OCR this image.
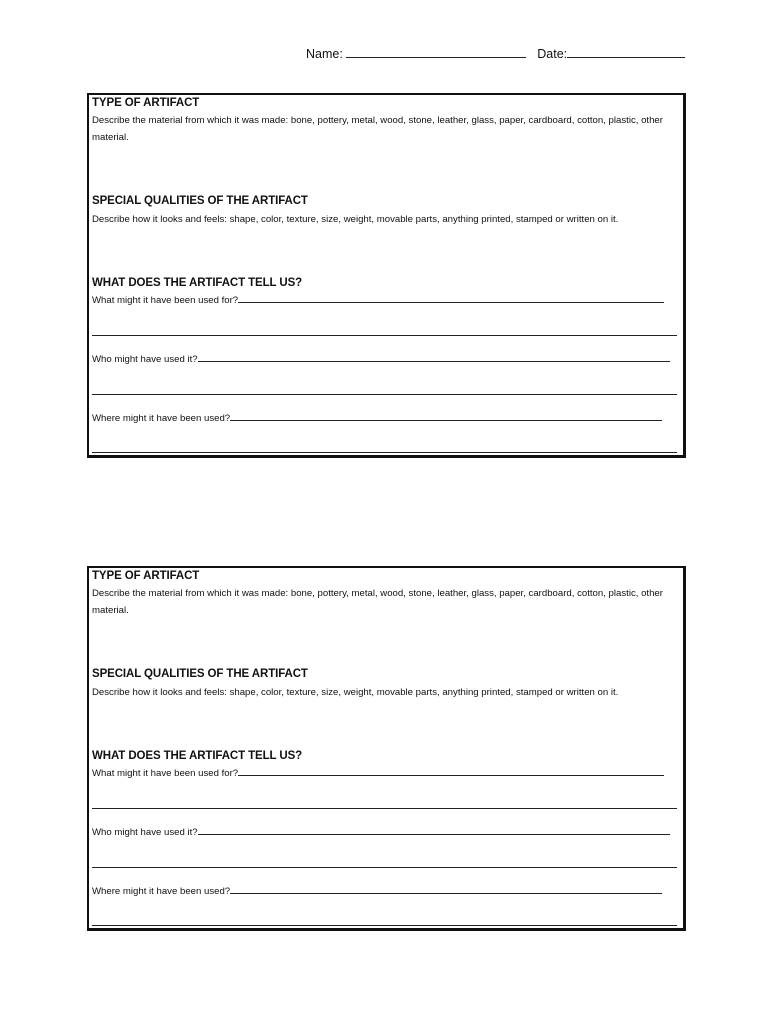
Name:	Date:
TYPE OF ARTIFACT
Describe the material from which it was made: bone, pottery, metal, wood, stone, leather, glass, paper, cardboard, cotton, plastic, other material.
SPECIAL QUALITIES OF THE ARTIFACT
Describe how it looks and feels: shape, color, texture, size, weight, movable parts, anything printed, stamped or written on it.
WHAT DOES THE ARTIFACT TELL US?
What might it have been used for?
Who might have used it?
Where might it have been used?
TYPE OF ARTIFACT
Describe the material from which it was made: bone, pottery, metal, wood, stone, leather, glass, paper, cardboard, cotton, plastic, other material.
SPECIAL QUALITIES OF THE ARTIFACT
Describe how it looks and feels: shape, color, texture, size, weight, movable parts, anything printed, stamped or written on it.
WHAT DOES THE ARTIFACT TELL US?
What might it have been used for?
Who might have used it?
Where might it have been used?
